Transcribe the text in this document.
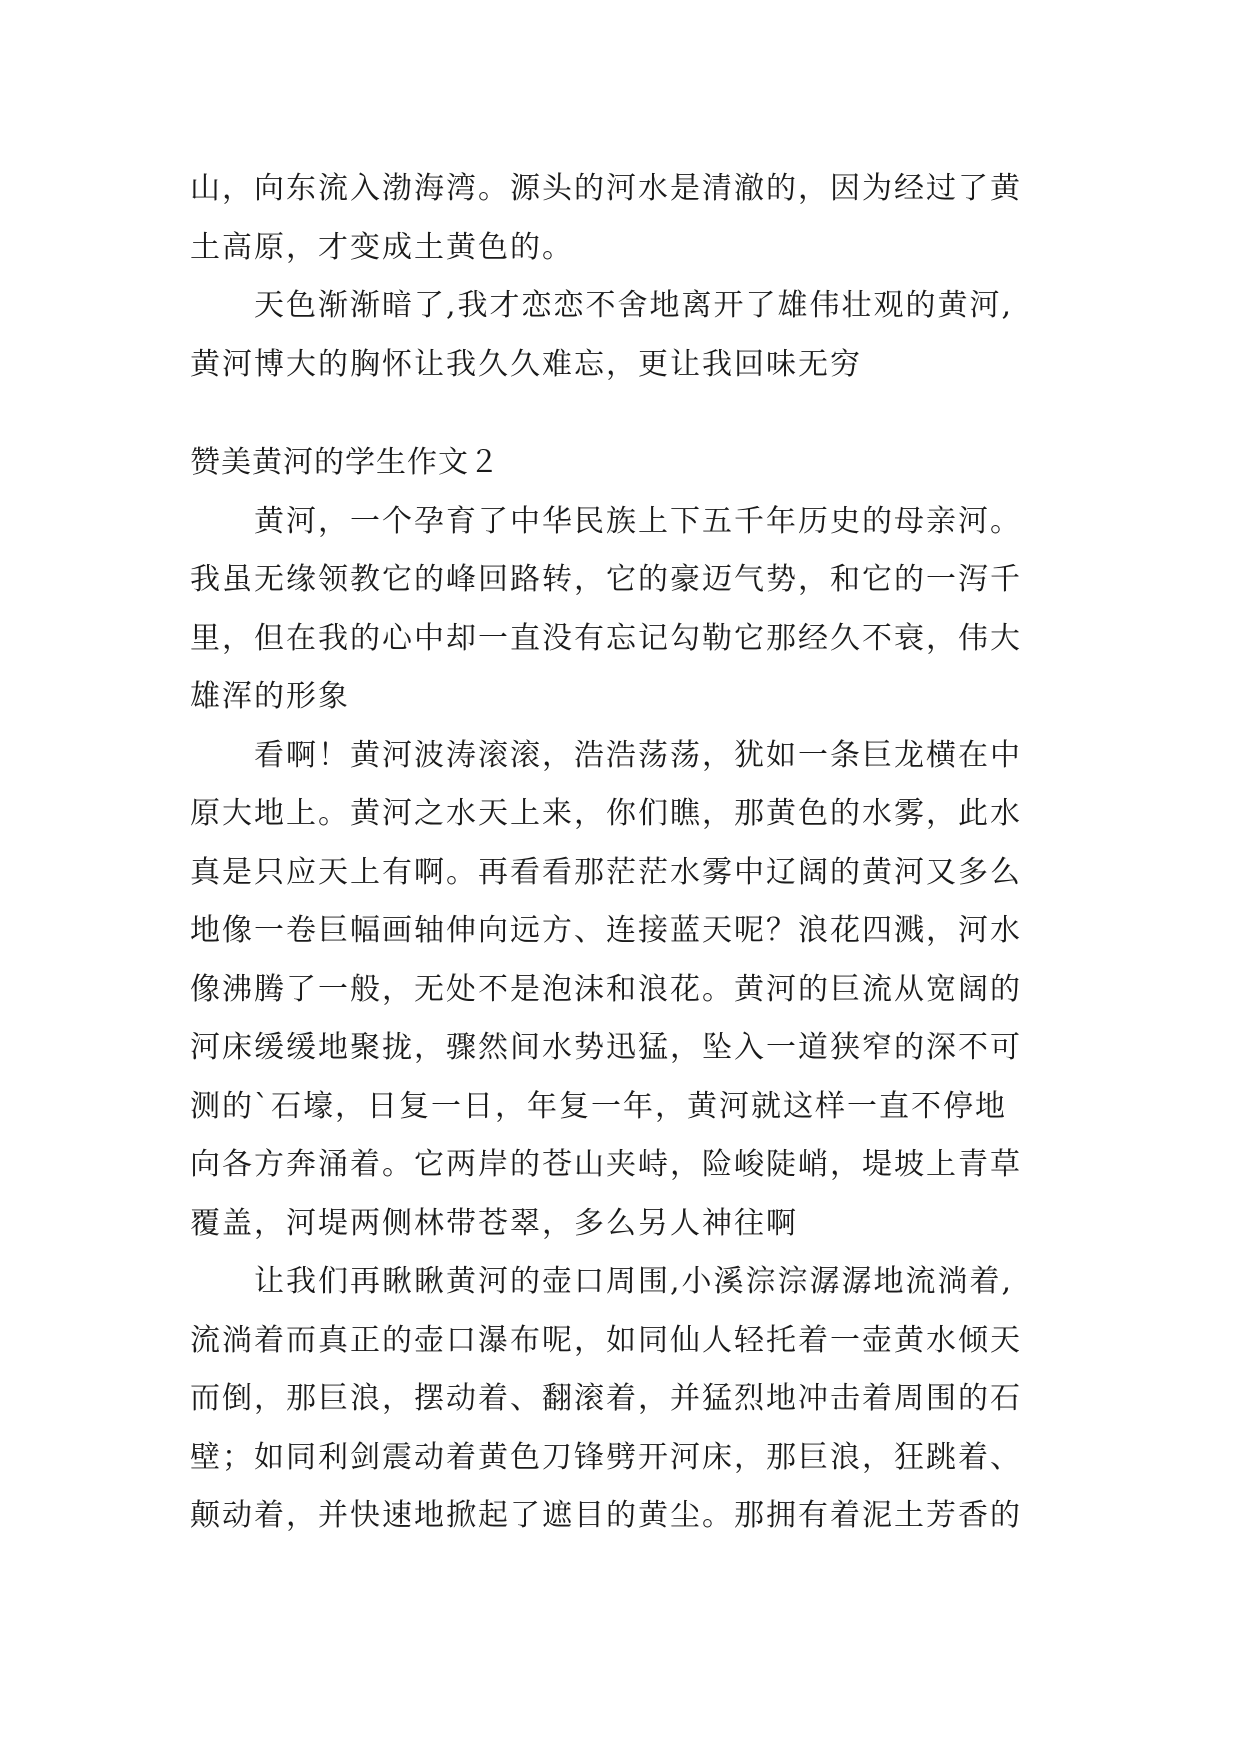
山，向东流入渤海湾。源头的河水是清澈的，因为经过了黄
土高原，才变成土黄色的。
　　天色渐渐暗了,我才恋恋不舍地离开了雄伟壮观的黄河,
黄河博大的胸怀让我久久难忘，更让我回味无穷
赞美黄河的学生作文２
　　黄河，一个孕育了中华民族上下五千年历史的母亲河。
我虽无缘领教它的峰回路转，它的豪迈气势，和它的一泻千
里，但在我的心中却一直没有忘记勾勒它那经久不衰，伟大
雄浑的形象
　　看啊！黄河波涛滚滚，浩浩荡荡，犹如一条巨龙横在中
原大地上。黄河之水天上来，你们瞧，那黄色的水雾，此水
真是只应天上有啊。再看看那茫茫水雾中辽阔的黄河又多么
地像一卷巨幅画轴伸向远方、连接蓝天呢？浪花四溅，河水
像沸腾了一般，无处不是泡沫和浪花。黄河的巨流从宽阔的
河床缓缓地聚拢，骤然间水势迅猛，坠入一道狭窄的深不可
测的`石壕，日复一日，年复一年，黄河就这样一直不停地
向各方奔涌着。它两岸的苍山夹峙，险峻陡峭，堤坡上青草
覆盖，河堤两侧林带苍翠，多么另人神往啊
　　让我们再瞅瞅黄河的壶口周围,小溪淙淙潺潺地流淌着,
流淌着而真正的壶口瀑布呢，如同仙人轻托着一壶黄水倾天
而倒，那巨浪，摆动着、翻滚着，并猛烈地冲击着周围的石
壁；如同利剑震动着黄色刀锋劈开河床，那巨浪，狂跳着、
颠动着，并快速地掀起了遮目的黄尘。那拥有着泥土芳香的
